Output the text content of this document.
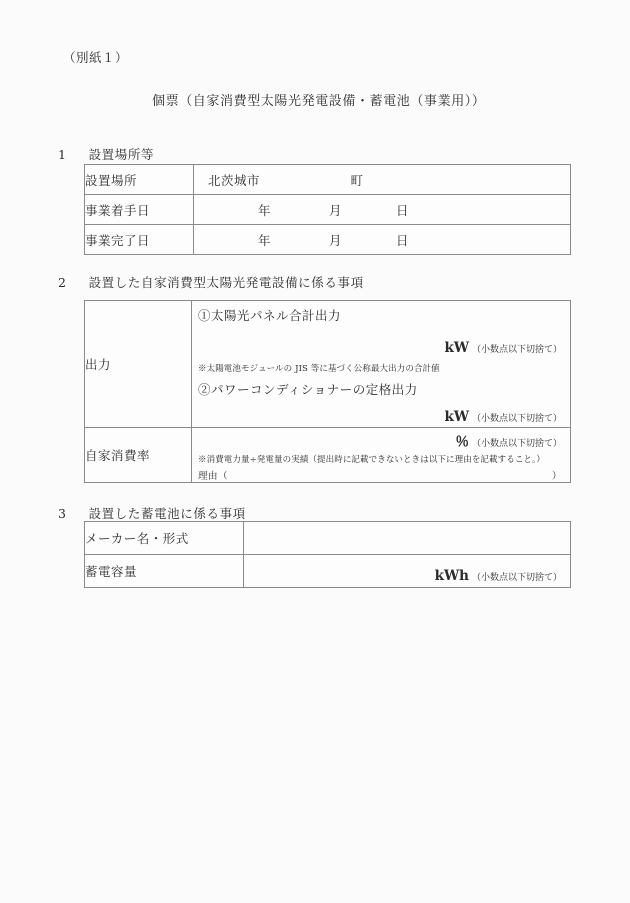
（別紙１）
個票（自家消費型太陽光発電設備・蓄電池（事業用））
1 設置場所等
設置場所	北茨城市 町

事業着手日	年 月 日

事業完了日	年 月 日
2 設置した自家消費型太陽光発電設備に係る事項
出力	①太陽光パネル合計出力
kW （小数点以下切捨て）
※太陽電池モジュールの JIS 等に基づく公称最大出力の合計値
②パワーコンディショナーの定格出力
kW （小数点以下切捨て）

自家消費率	％ （小数点以下切捨て）
※消費電力量÷発電量の実績（提出時に記載できないときは以下に理由を記載すること。）
理由（ ）
3 設置した蓄電池に係る事項
メーカー名・形式	
蓄電容量	kWh （小数点以下切捨て）
